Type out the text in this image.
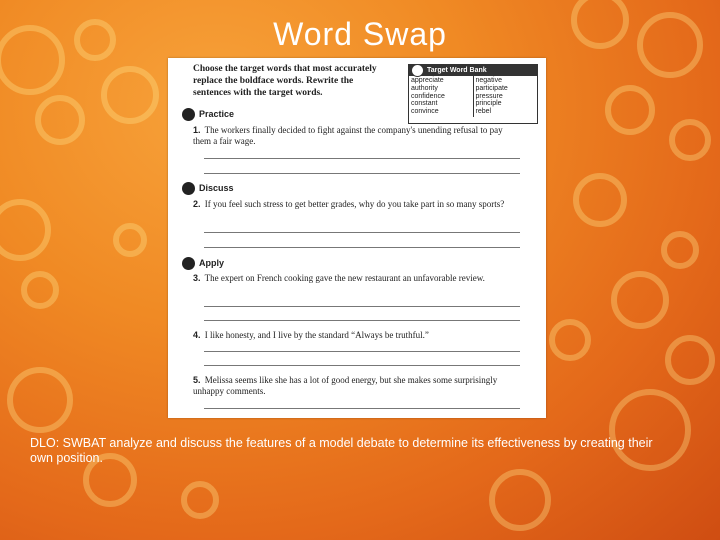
Word Swap
Choose the target words that most accurately replace the boldface words. Rewrite the sentences with the target words.
Target Word Bank
appreciate
authority
confidence
constant
convince
negative
participate
pressure
principle
rebel
Practice
1. The workers finally decided to fight against the company's unending refusal to pay them a fair wage.
Discuss
2. If you feel such stress to get better grades, why do you take part in so many sports?
Apply
3. The expert on French cooking gave the new restaurant an unfavorable review.
4. I like honesty, and I live by the standard “Always be truthful.”
5. Melissa seems like she has a lot of good energy, but she makes some surprisingly unhappy comments.
DLO: SWBAT analyze and discuss the features of a model debate to determine its effectiveness by creating their own position.
